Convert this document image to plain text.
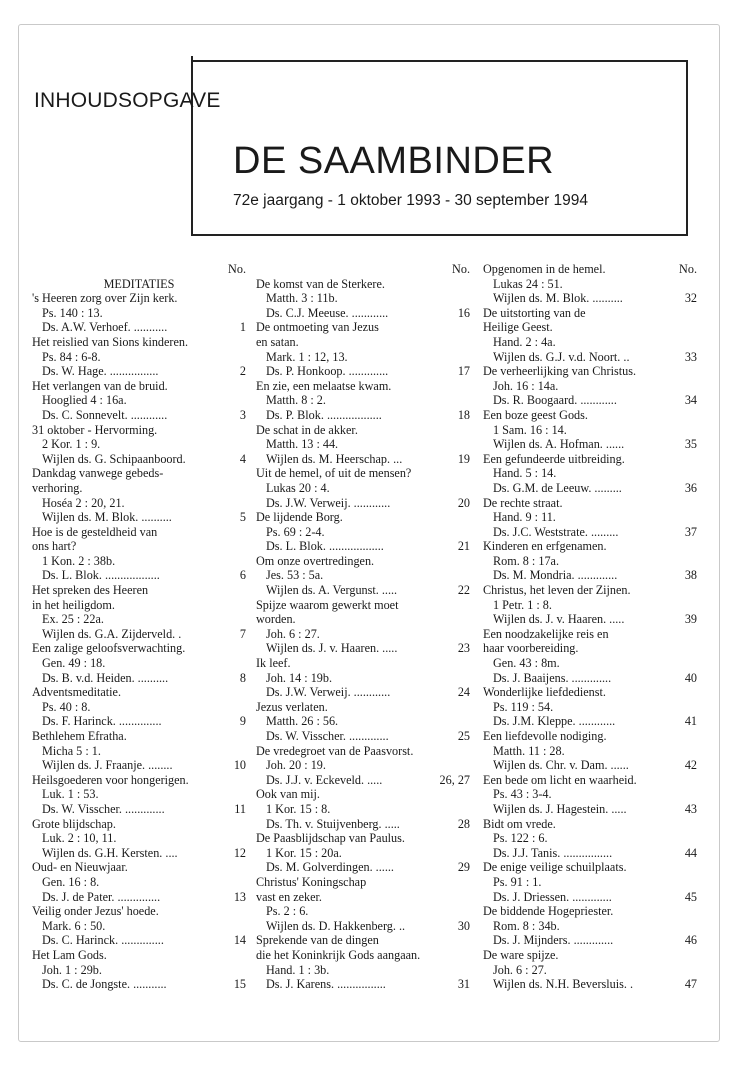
INHOUDSOPGAVE
DE SAAMBINDER
72e jaargang - 1 oktober 1993 - 30 september 1994
No.
MEDITATIES
's Heeren zorg over Zijn kerk.
Ps. 140 : 13.
Ds. A.W. Verhoef. ...........	1
Het reislied van Sions kinderen.
Ps. 84 : 6-8.
Ds. W. Hage. ................	2
Het verlangen van de bruid.
Hooglied 4 : 16a.
Ds. C. Sonnevelt. ............	3
31 oktober - Hervorming.
2 Kor. 1 : 9.
Wijlen ds. G. Schipaanboord.	4
Dankdag vanwege gebeds-
verhoring.
Hoséa 2 : 20, 21.
Wijlen ds. M. Blok. ..........	5
Hoe is de gesteldheid van
ons hart?
1 Kon. 2 : 38b.
Ds. L. Blok. ..................	6
Het spreken des Heeren
in het heiligdom.
Ex. 25 : 22a.
Wijlen ds. G.A. Zijderveld. .	7
Een zalige geloofsverwachting.
Gen. 49 : 18.
Ds. B. v.d. Heiden. ..........	8
Adventsmeditatie.
Ps. 40 : 8.
Ds. F. Harinck. ..............	9
Bethlehem Efratha.
Micha 5 : 1.
Wijlen ds. J. Fraanje. ........	10
Heilsgoederen voor hongerigen.
Luk. 1 : 53.
Ds. W. Visscher. .............	11
Grote blijdschap.
Luk. 2 : 10, 11.
Wijlen ds. G.H. Kersten. ....	12
Oud- en Nieuwjaar.
Gen. 16 : 8.
Ds. J. de Pater. ..............	13
Veilig onder Jezus' hoede.
Mark. 6 : 50.
Ds. C. Harinck. ..............	14
Het Lam Gods.
Joh. 1 : 29b.
Ds. C. de Jongste. ...........	15
No.
De komst van de Sterkere.
Matth. 3 : 11b.
Ds. C.J. Meeuse. ............	16
De ontmoeting van Jezus
en satan.
Mark. 1 : 12, 13.
Ds. P. Honkoop. .............	17
En zie, een melaatse kwam.
Matth. 8 : 2.
Ds. P. Blok. ..................	18
De schat in de akker.
Matth. 13 : 44.
Wijlen ds. M. Heerschap. ...	19
Uit de hemel, of uit de mensen?
Lukas 20 : 4.
Ds. J.W. Verweij. ............	20
De lijdende Borg.
Ps. 69 : 2-4.
Ds. L. Blok. ..................	21
Om onze overtredingen.
Jes. 53 : 5a.
Wijlen ds. A. Vergunst. .....	22
Spijze waarom gewerkt moet
worden.
Joh. 6 : 27.
Wijlen ds. J. v. Haaren. .....	23
Ik leef.
Joh. 14 : 19b.
Ds. J.W. Verweij. ............	24
Jezus verlaten.
Matth. 26 : 56.
Ds. W. Visscher. .............	25
De vredegroet van de Paasvorst.
Joh. 20 : 19.
Ds. J.J. v. Eckeveld. .....	26, 27
Ook van mij.
1 Kor. 15 : 8.
Ds. Th. v. Stuijvenberg. .....	28
De Paasblijdschap van Paulus.
1 Kor. 15 : 20a.
Ds. M. Golverdingen. ......	29
Christus' Koningschap
vast en zeker.
Ps. 2 : 6.
Wijlen ds. D. Hakkenberg. ..	30
Sprekende van de dingen
die het Koninkrijk Gods aangaan.
Hand. 1 : 3b.
Ds. J. Karens. ................	31
Opgenomen in de hemel.	No.
Lukas 24 : 51.
Wijlen ds. M. Blok. ..........	32
De uitstorting van de
Heilige Geest.
Hand. 2 : 4a.
Wijlen ds. G.J. v.d. Noort. ..	33
De verheerlijking van Christus.
Joh. 16 : 14a.
Ds. R. Boogaard. ............	34
Een boze geest Gods.
1 Sam. 16 : 14.
Wijlen ds. A. Hofman. ......	35
Een gefundeerde uitbreiding.
Hand. 5 : 14.
Ds. G.M. de Leeuw. .........	36
De rechte straat.
Hand. 9 : 11.
Ds. J.C. Weststrate. .........	37
Kinderen en erfgenamen.
Rom. 8 : 17a.
Ds. M. Mondria. .............	38
Christus, het leven der Zijnen.
1 Petr. 1 : 8.
Wijlen ds. J. v. Haaren. .....	39
Een noodzakelijke reis en
haar voorbereiding.
Gen. 43 : 8m.
Ds. J. Baaijens. .............	40
Wonderlijke liefdedienst.
Ps. 119 : 54.
Ds. J.M. Kleppe. ............	41
Een liefdevolle nodiging.
Matth. 11 : 28.
Wijlen ds. Chr. v. Dam. ......	42
Een bede om licht en waarheid.
Ps. 43 : 3-4.
Wijlen ds. J. Hagestein. .....	43
Bidt om vrede.
Ps. 122 : 6.
Ds. J.J. Tanis. ................	44
De enige veilige schuilplaats.
Ps. 91 : 1.
Ds. J. Driessen. .............	45
De biddende Hogepriester.
Rom. 8 : 34b.
Ds. J. Mijnders. .............	46
De ware spijze.
Joh. 6 : 27.
Wijlen ds. N.H. Beversluis. .	47
